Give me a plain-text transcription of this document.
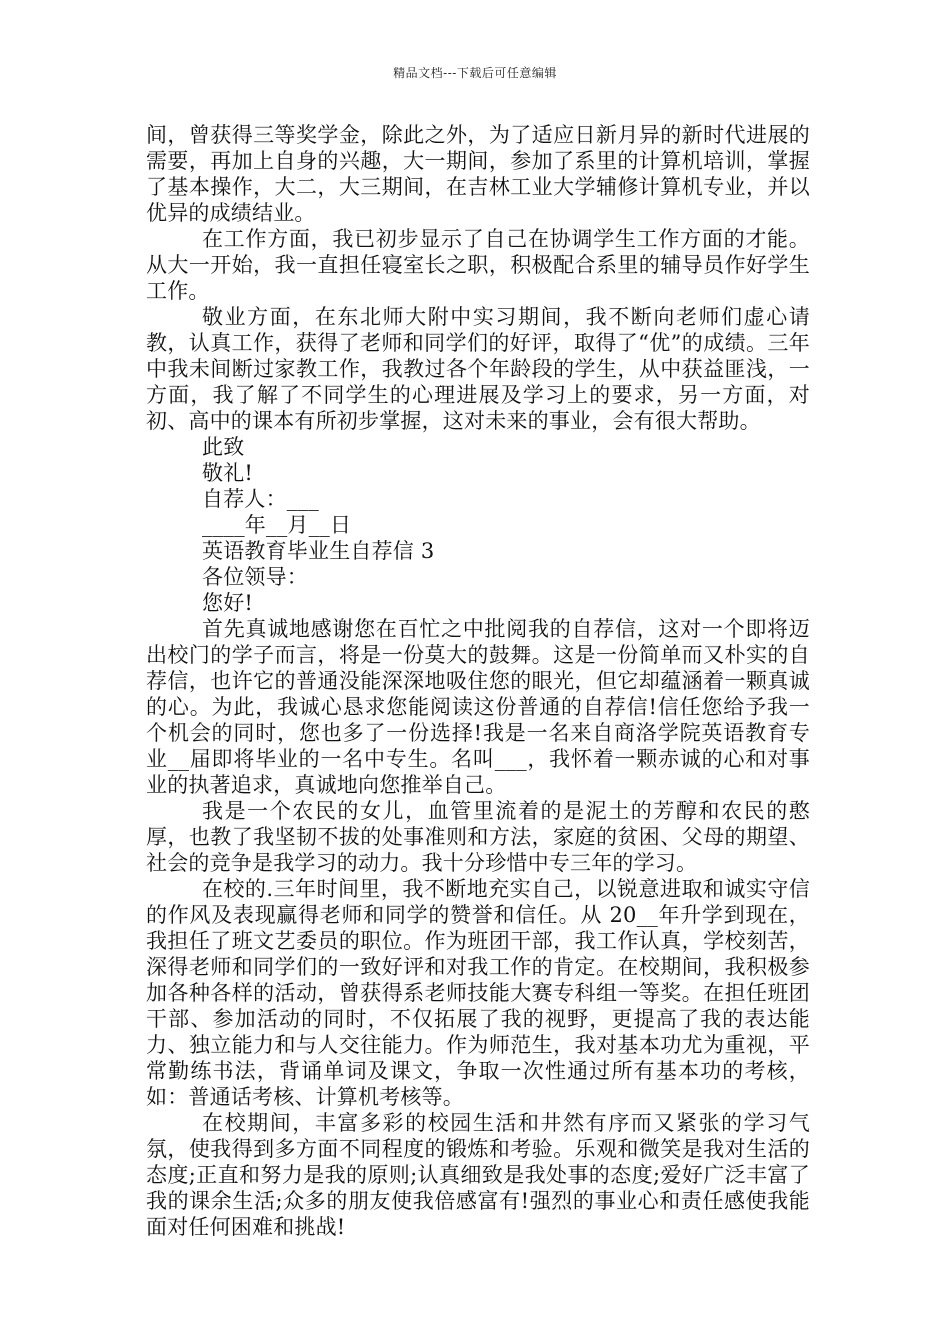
精品文档---下载后可任意编辑

间，曾获得三等奖学金，除此之外，为了适应日新月异的新时代进展的需要，再加上自身的兴趣，大一期间，参加了系里的计算机培训，掌握了基本操作，大二，大三期间，在吉林工业大学辅修计算机专业，并以优异的成绩结业。

在工作方面，我已初步显示了自己在协调学生工作方面的才能。从大一开始，我一直担任寝室长之职，积极配合系里的辅导员作好学生工作。

敬业方面，在东北师大附中实习期间，我不断向老师们虚心请教，认真工作，获得了老师和同学们的好评，取得了“优”的成绩。三年中我未间断过家教工作，我教过各个年龄段的学生，从中获益匪浅，一方面，我了解了不同学生的心理进展及学习上的要求，另一方面，对初、高中的课本有所初步掌握，这对未来的事业，会有很大帮助。

此致

敬礼!

自荐人：___

____年__月__日

英语教育毕业生自荐信 3

各位领导：

您好!

首先真诚地感谢您在百忙之中批阅我的自荐信，这对一个即将迈出校门的学子而言，将是一份莫大的鼓舞。这是一份简单而又朴实的自荐信，也许它的普通没能深深地吸住您的眼光，但它却蕴涵着一颗真诚的心。为此，我诚心恳求您能阅读这份普通的自荐信!信任您给予我一个机会的同时，您也多了一份选择!我是一名来自商洛学院英语教育专业__届即将毕业的一名中专生。名叫___，我怀着一颗赤诚的心和对事业的执著追求，真诚地向您推举自己。

我是一个农民的女儿，血管里流着的是泥土的芳醇和农民的憨厚，也教了我坚韧不拔的处事准则和方法，家庭的贫困、父母的期望、社会的竞争是我学习的动力。我十分珍惜中专三年的学习。

在校的.三年时间里，我不断地充实自己，以锐意进取和诚实守信的作风及表现赢得老师和同学的赞誉和信任。从 20__年升学到现在，我担任了班文艺委员的职位。作为班团干部，我工作认真，学校刻苦，深得老师和同学们的一致好评和对我工作的肯定。在校期间，我积极参加各种各样的活动，曾获得系老师技能大赛专科组一等奖。在担任班团干部、参加活动的同时，不仅拓展了我的视野，更提高了我的表达能力、独立能力和与人交往能力。作为师范生，我对基本功尤为重视，平常勤练书法，背诵单词及课文，争取一次性通过所有基本功的考核，如：普通话考核、计算机考核等。

在校期间，丰富多彩的校园生活和井然有序而又紧张的学习气氛，使我得到多方面不同程度的锻炼和考验。乐观和微笑是我对生活的态度;正直和努力是我的原则;认真细致是我处事的态度;爱好广泛丰富了我的课余生活;众多的朋友使我倍感富有!强烈的事业心和责任感使我能面对任何困难和挑战!
